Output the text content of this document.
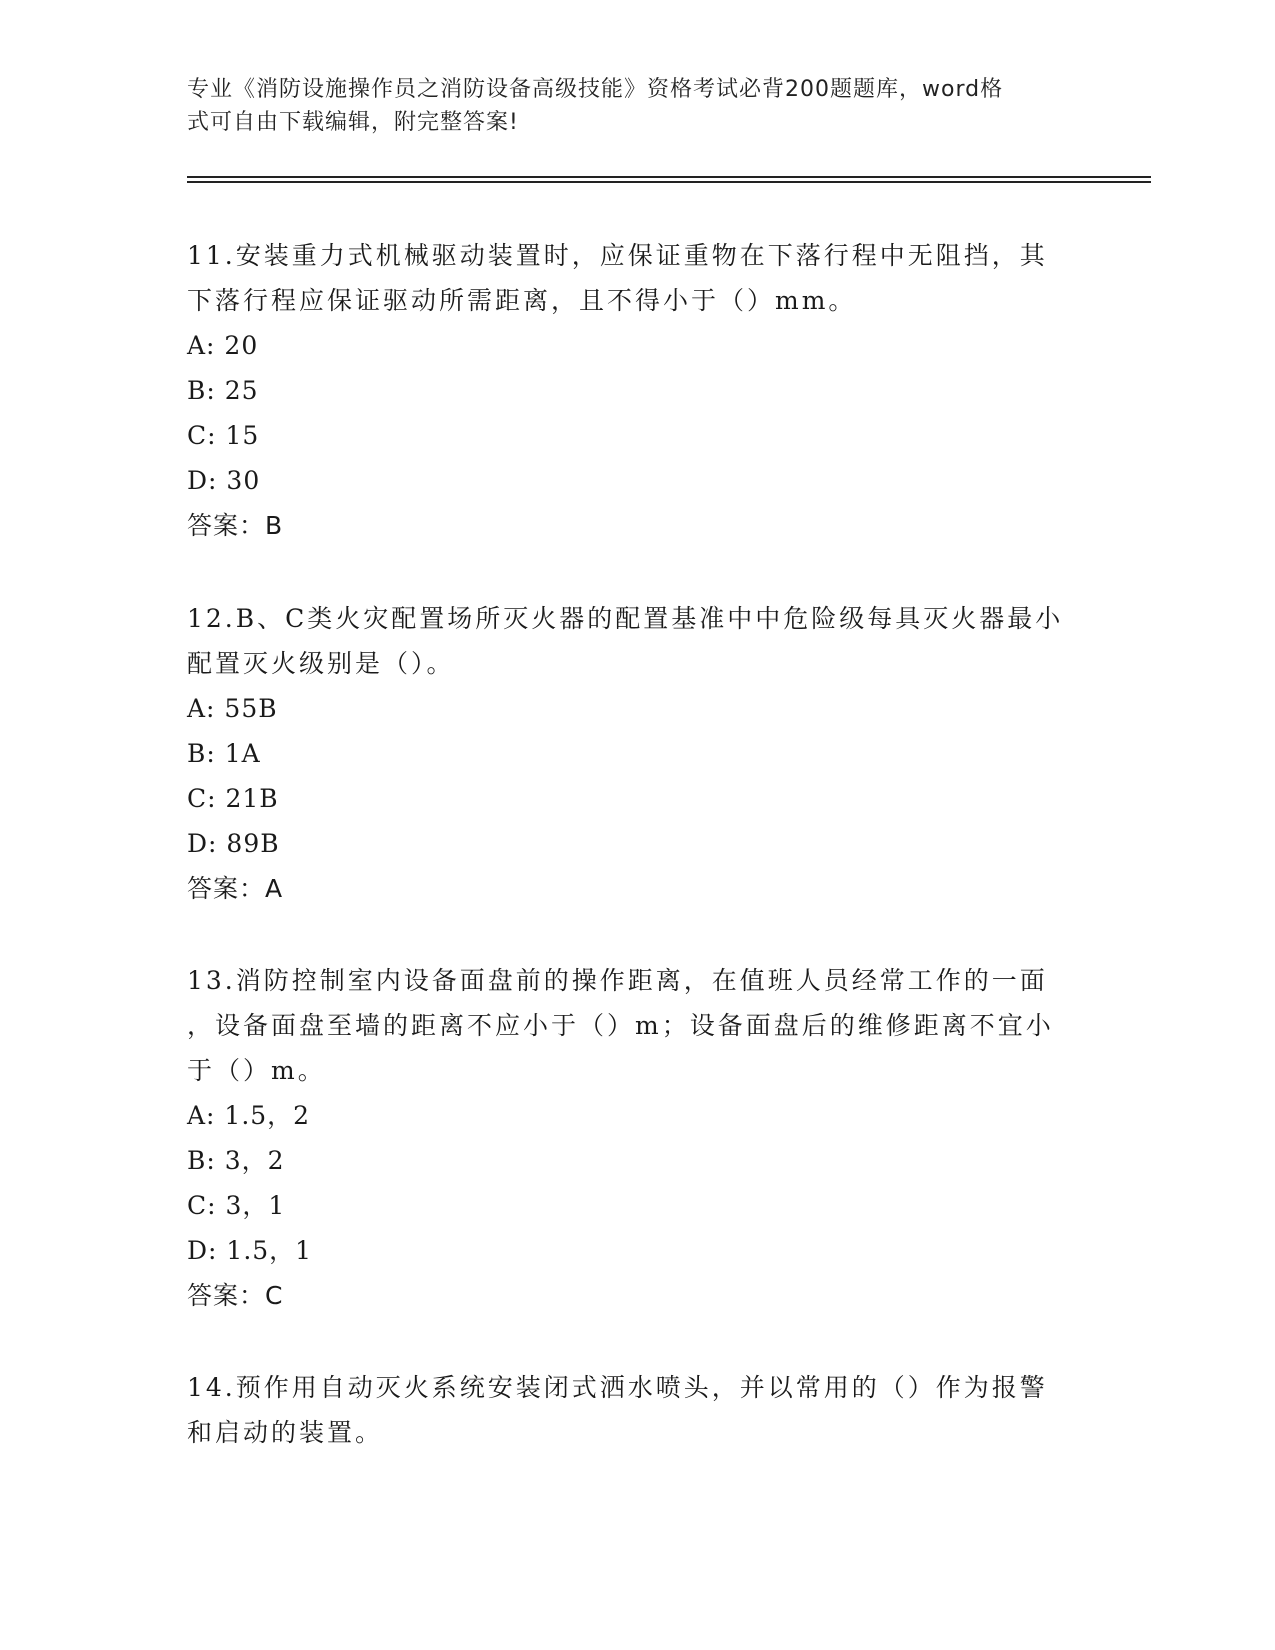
专业《消防设施操作员之消防设备高级技能》资格考试必背200题题库，word格
式可自由下载编辑，附完整答案!

11.安装重力式机械驱动装置时，应保证重物在下落行程中无阻挡，其

下落行程应保证驱动所需距离，且不得小于（）mm。

A: 20

B: 25

C: 15

D: 30

答案：B

12.B、C类火灾配置场所灭火器的配置基准中中危险级每具灭火器最小

配置灭火级别是（）。

A: 55B

B: 1A

C: 21B

D: 89B

答案：A

13.消防控制室内设备面盘前的操作距离，在值班人员经常工作的一面

，设备面盘至墙的距离不应小于（）m；设备面盘后的维修距离不宜小

于（）m。

A: 1.5，2

B: 3，2

C: 3，1

D: 1.5，1

答案：C

14.预作用自动灭火系统安装闭式洒水喷头，并以常用的（）作为报警

和启动的装置。
